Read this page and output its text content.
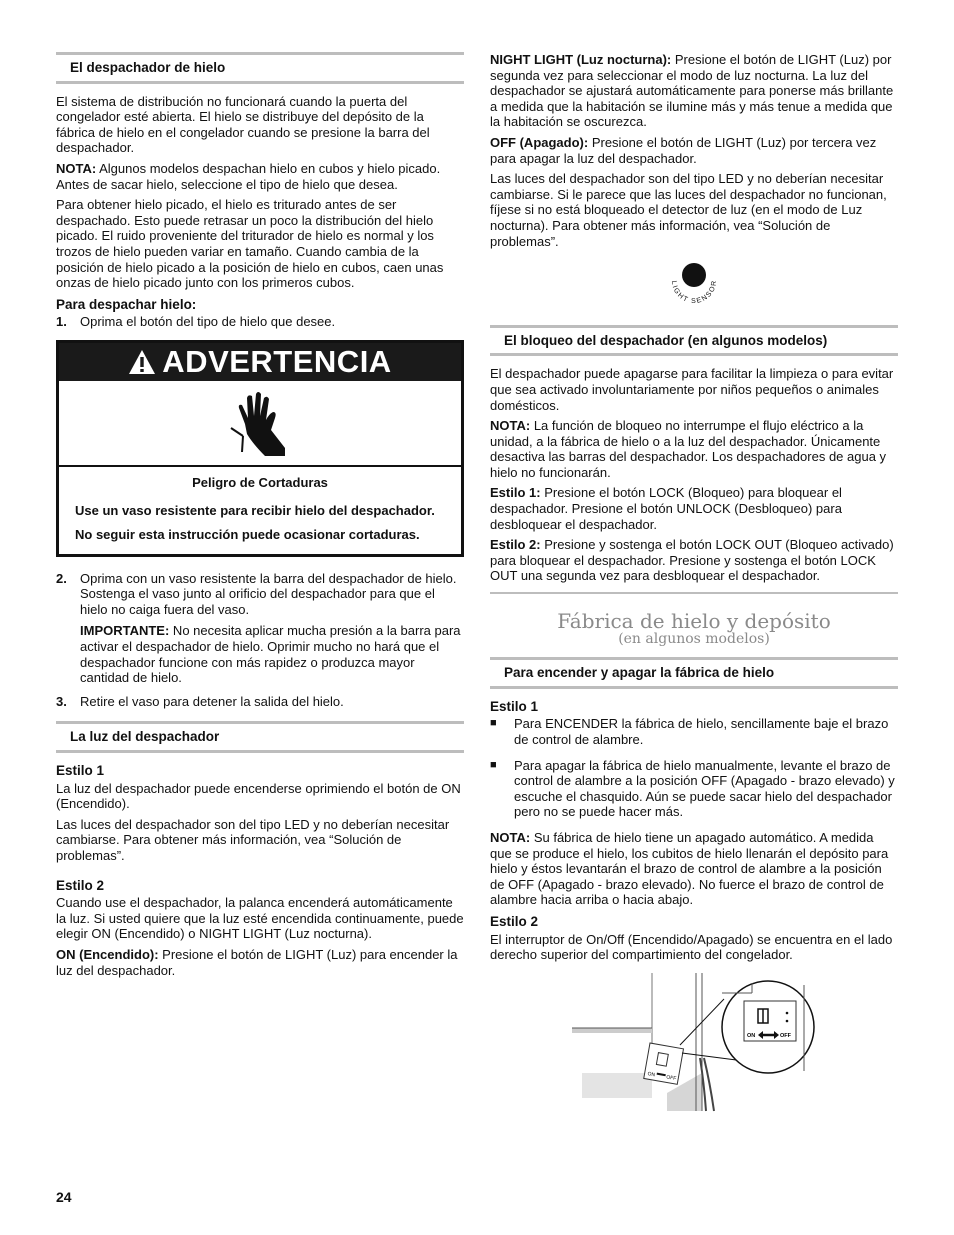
El despachador de hielo

El sistema de distribución no funcionará cuando la puerta del congelador esté abierta. El hielo se distribuye del depósito de la fábrica de hielo en el congelador cuando se presione la barra del despachador.

NOTA: Algunos modelos despachan hielo en cubos y hielo picado. Antes de sacar hielo, seleccione el tipo de hielo que desea.

Para obtener hielo picado, el hielo es triturado antes de ser despachado. Esto puede retrasar un poco la distribución del hielo picado. El ruido proveniente del triturador de hielo es normal y los trozos de hielo pueden variar en tamaño. Cuando cambia de la posición de hielo picado a la posición de hielo en cubos, caen unas onzas de hielo picado junto con los primeros cubos.

Para despachar hielo:
1.	Oprima el botón del tipo de hielo que desee.
ADVERTENCIA
Peligro de Cortaduras

Use un vaso resistente para recibir hielo del despachador.

No seguir esta instrucción puede ocasionar cortaduras.

2.	Oprima con un vaso resistente la barra del despachador de hielo. Sostenga el vaso junto al orificio del despachador para que el hielo no caiga fuera del vaso.

IMPORTANTE: No necesita aplicar mucha presión a la barra para activar el despachador de hielo. Oprimir mucho no hará que el despachador funcione con más rapidez o produzca mayor cantidad de hielo.

3.	Retire el vaso para detener la salida del hielo.
La luz del despachador
Estilo 1

La luz del despachador puede encenderse oprimiendo el botón de ON (Encendido).

Las luces del despachador son del tipo LED y no deberían necesitar cambiarse. Para obtener más información, vea “Solución de problemas”.

Estilo 2

Cuando use el despachador, la palanca encenderá automáticamente la luz. Si usted quiere que la luz esté encendida continuamente, puede elegir ON (Encendido) o NIGHT LIGHT (Luz nocturna).

ON (Encendido): Presione el botón de LIGHT (Luz) para encender la luz del despachador.

NIGHT LIGHT (Luz nocturna): Presione el botón de LIGHT (Luz) por segunda vez para seleccionar el modo de luz nocturna. La luz del despachador se ajustará automáticamente para ponerse más brillante a medida que la habitación se ilumine más y más tenue a medida que la habitación se oscurezca.

OFF (Apagado): Presione el botón de LIGHT (Luz) por tercera vez para apagar la luz del despachador.

Las luces del despachador son del tipo LED y no deberían necesitar cambiarse. Si le parece que las luces del despachador no funcionan, fíjese si no está bloqueado el detector de luz (en el modo de Luz nocturna). Para obtener más información, vea “Solución de problemas”.

LIGHT SENSOR
El bloqueo del despachador (en algunos modelos)

El despachador puede apagarse para facilitar la limpieza o para evitar que sea activado involuntariamente por niños pequeños o animales domésticos.

NOTA: La función de bloqueo no interrumpe el flujo eléctrico a la unidad, a la fábrica de hielo o a la luz del despachador. Únicamente desactiva las barras del despachador. Los despachadores de agua y hielo no funcionarán.

Estilo 1: Presione el botón LOCK (Bloqueo) para bloquear el despachador. Presione el botón UNLOCK (Desbloqueo) para desbloquear el despachador.

Estilo 2: Presione y sostenga el botón LOCK OUT (Bloqueo activado) para bloquear el despachador. Presione y sostenga el botón LOCK OUT una segunda vez para desbloquear el despachador.

Fábrica de hielo y depósito
(en algunos modelos)
Para encender y apagar la fábrica de hielo
Estilo 1
■	Para ENCENDER la fábrica de hielo, sencillamente baje el brazo de control de alambre.
■	Para apagar la fábrica de hielo manualmente, levante el brazo de control de alambre a la posición OFF (Apagado - brazo elevado) y escuche el chasquido. Aún se puede sacar hielo del despachador pero no se puede hacer más.

NOTA: Su fábrica de hielo tiene un apagado automático. A medida que se produce el hielo, los cubitos de hielo llenarán el depósito para hielo y éstos levantarán el brazo de control de alambre a la posición de OFF (Apagado - brazo elevado). No fuerce el brazo de control de alambre hacia arriba o hacia abajo.

Estilo 2

El interruptor de On/Off (Encendido/Apagado) se encuentra en el lado derecho superior del compartimiento del congelador.

ON OFF
ON	OFF
24
